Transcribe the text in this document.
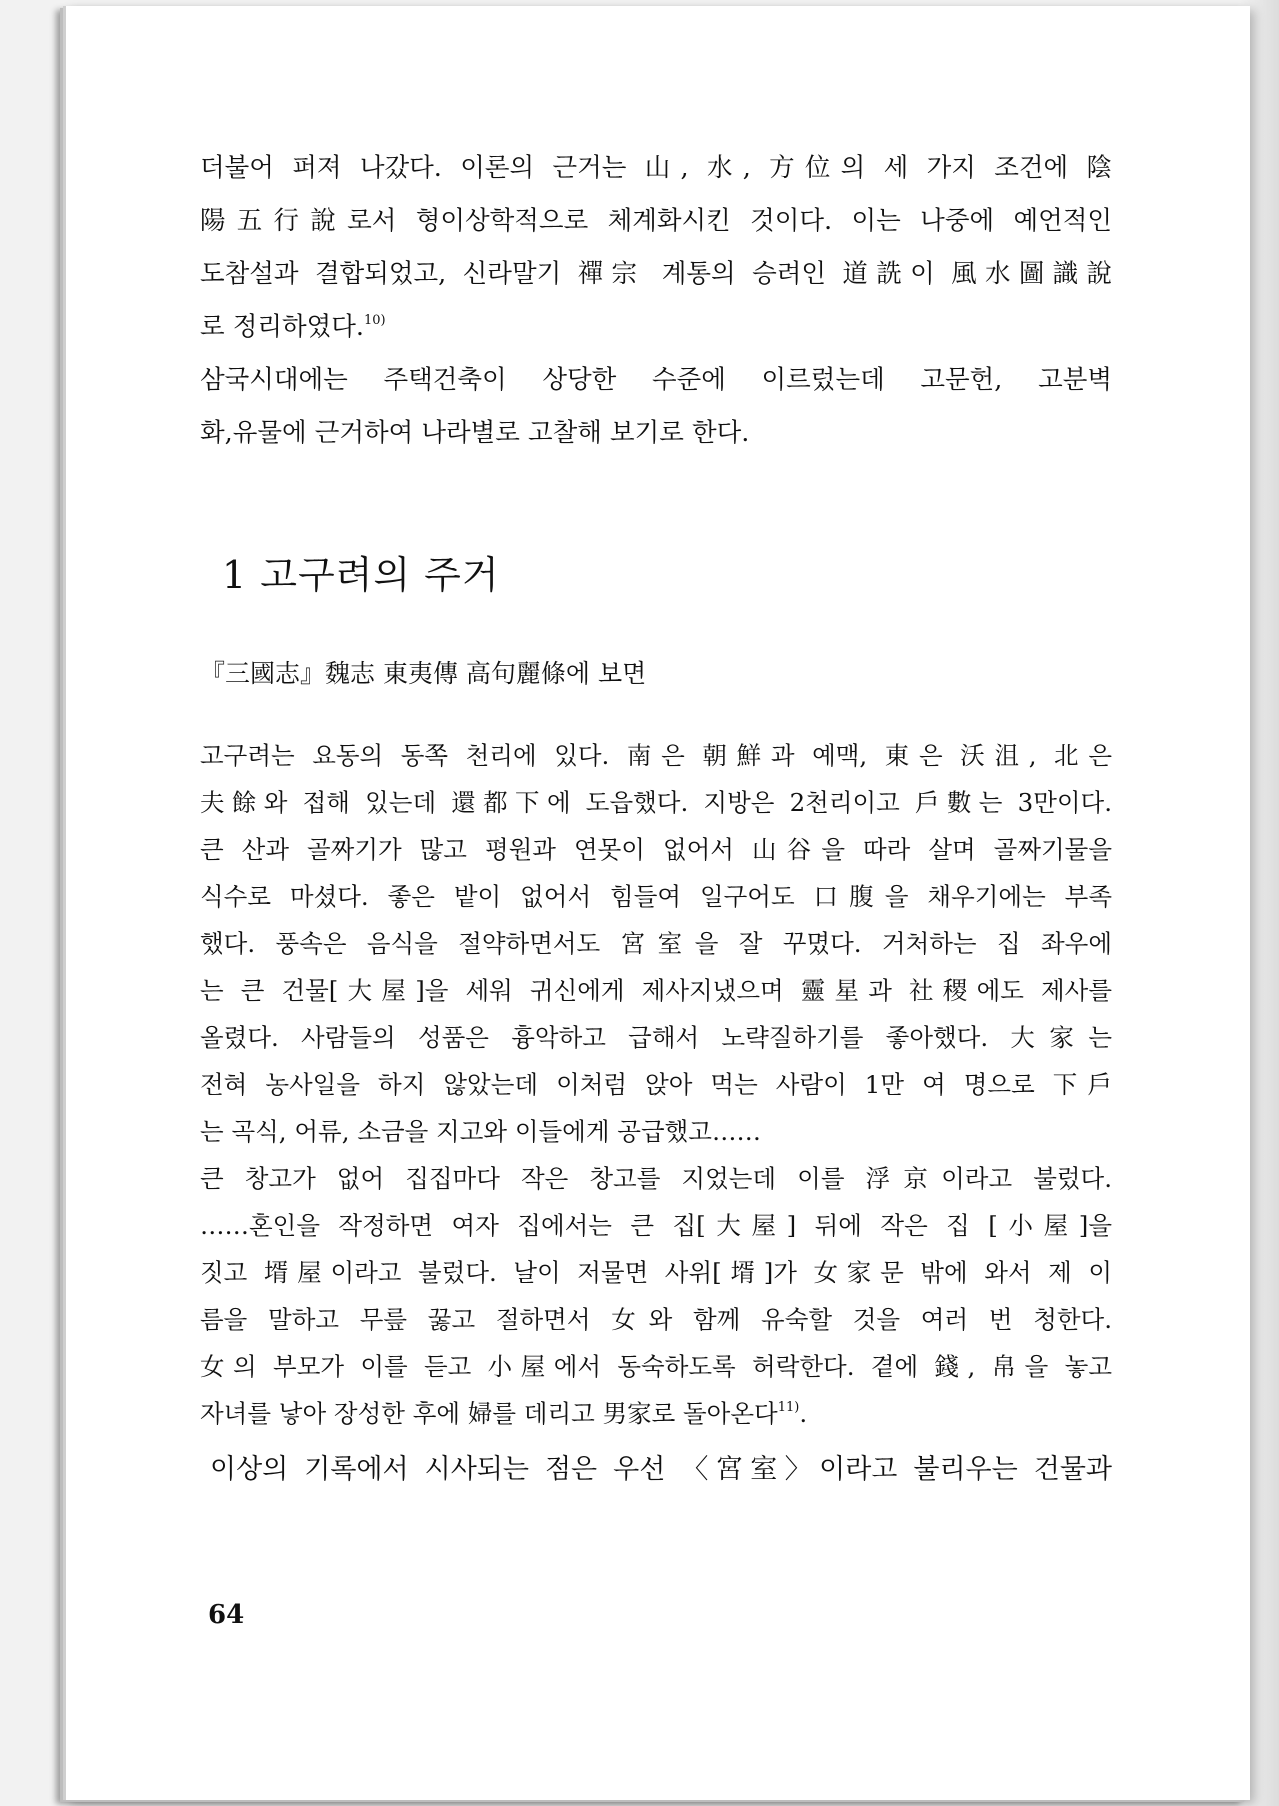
더불어 퍼져 나갔다. 이론의 근거는 山, 水, 方位의 세 가지 조건에 陰
陽五行說로서 형이상학적으로 체계화시킨 것이다. 이는 나중에 예언적인
도참설과 결합되었고, 신라말기 禪宗 계통의 승려인 道詵이 風水圖識說
로 정리하였다.$^{10)}$
삼국시대에는 주택건축이 상당한 수준에 이르렀는데 고문헌, 고분벽
화,유물에 근거하여 나라별로 고찰해 보기로 한다.
1 고구려의 주거
『三國志』魏志 東夷傳 高句麗條에 보면
고구려는 요동의 동쪽 천리에 있다. 南은 朝鮮과 예맥, 東은 沃沮, 北은
夫餘와 접해 있는데 還都下에 도읍했다. 지방은 2천리이고 戶數는 3만이다.
큰 산과 골짜기가 많고 평원과 연못이 없어서 山谷을 따라 살며 골짜기물을
식수로 마셨다. 좋은 밭이 없어서 힘들여 일구어도 口腹을 채우기에는 부족
했다. 풍속은 음식을 절약하면서도 宮室을 잘 꾸몄다. 거처하는 집 좌우에
는 큰 건물[大屋]을 세워 귀신에게 제사지냈으며 靈星과 社稷에도 제사를
올렸다. 사람들의 성품은 흉악하고 급해서 노략질하기를 좋아했다. 大家는
전혀 농사일을 하지 않았는데 이처럼 앉아 먹는 사람이 1만 여 명으로 下戶
는 곡식, 어류, 소금을 지고와 이들에게 공급했고……
큰 창고가 없어 집집마다 작은 창고를 지었는데 이를 浮京이라고 불렀다.
……혼인을 작정하면 여자 집에서는 큰 집[大屋] 뒤에 작은 집 [小屋]을
짓고 壻屋이라고 불렀다. 날이 저물면 사위[壻]가 女家문 밖에 와서 제 이
름을 말하고 무릎 꿇고 절하면서 女와 함께 유숙할 것을 여러 번 청한다.
女의 부모가 이를 듣고 小屋에서 동숙하도록 허락한다. 곁에 錢, 帛을 놓고
자녀를 낳아 장성한 후에 婦를 데리고 男家로 돌아온다$^{11)}$.
이상의 기록에서 시사되는 점은 우선 〈宮室〉이라고 불리우는 건물과
64
